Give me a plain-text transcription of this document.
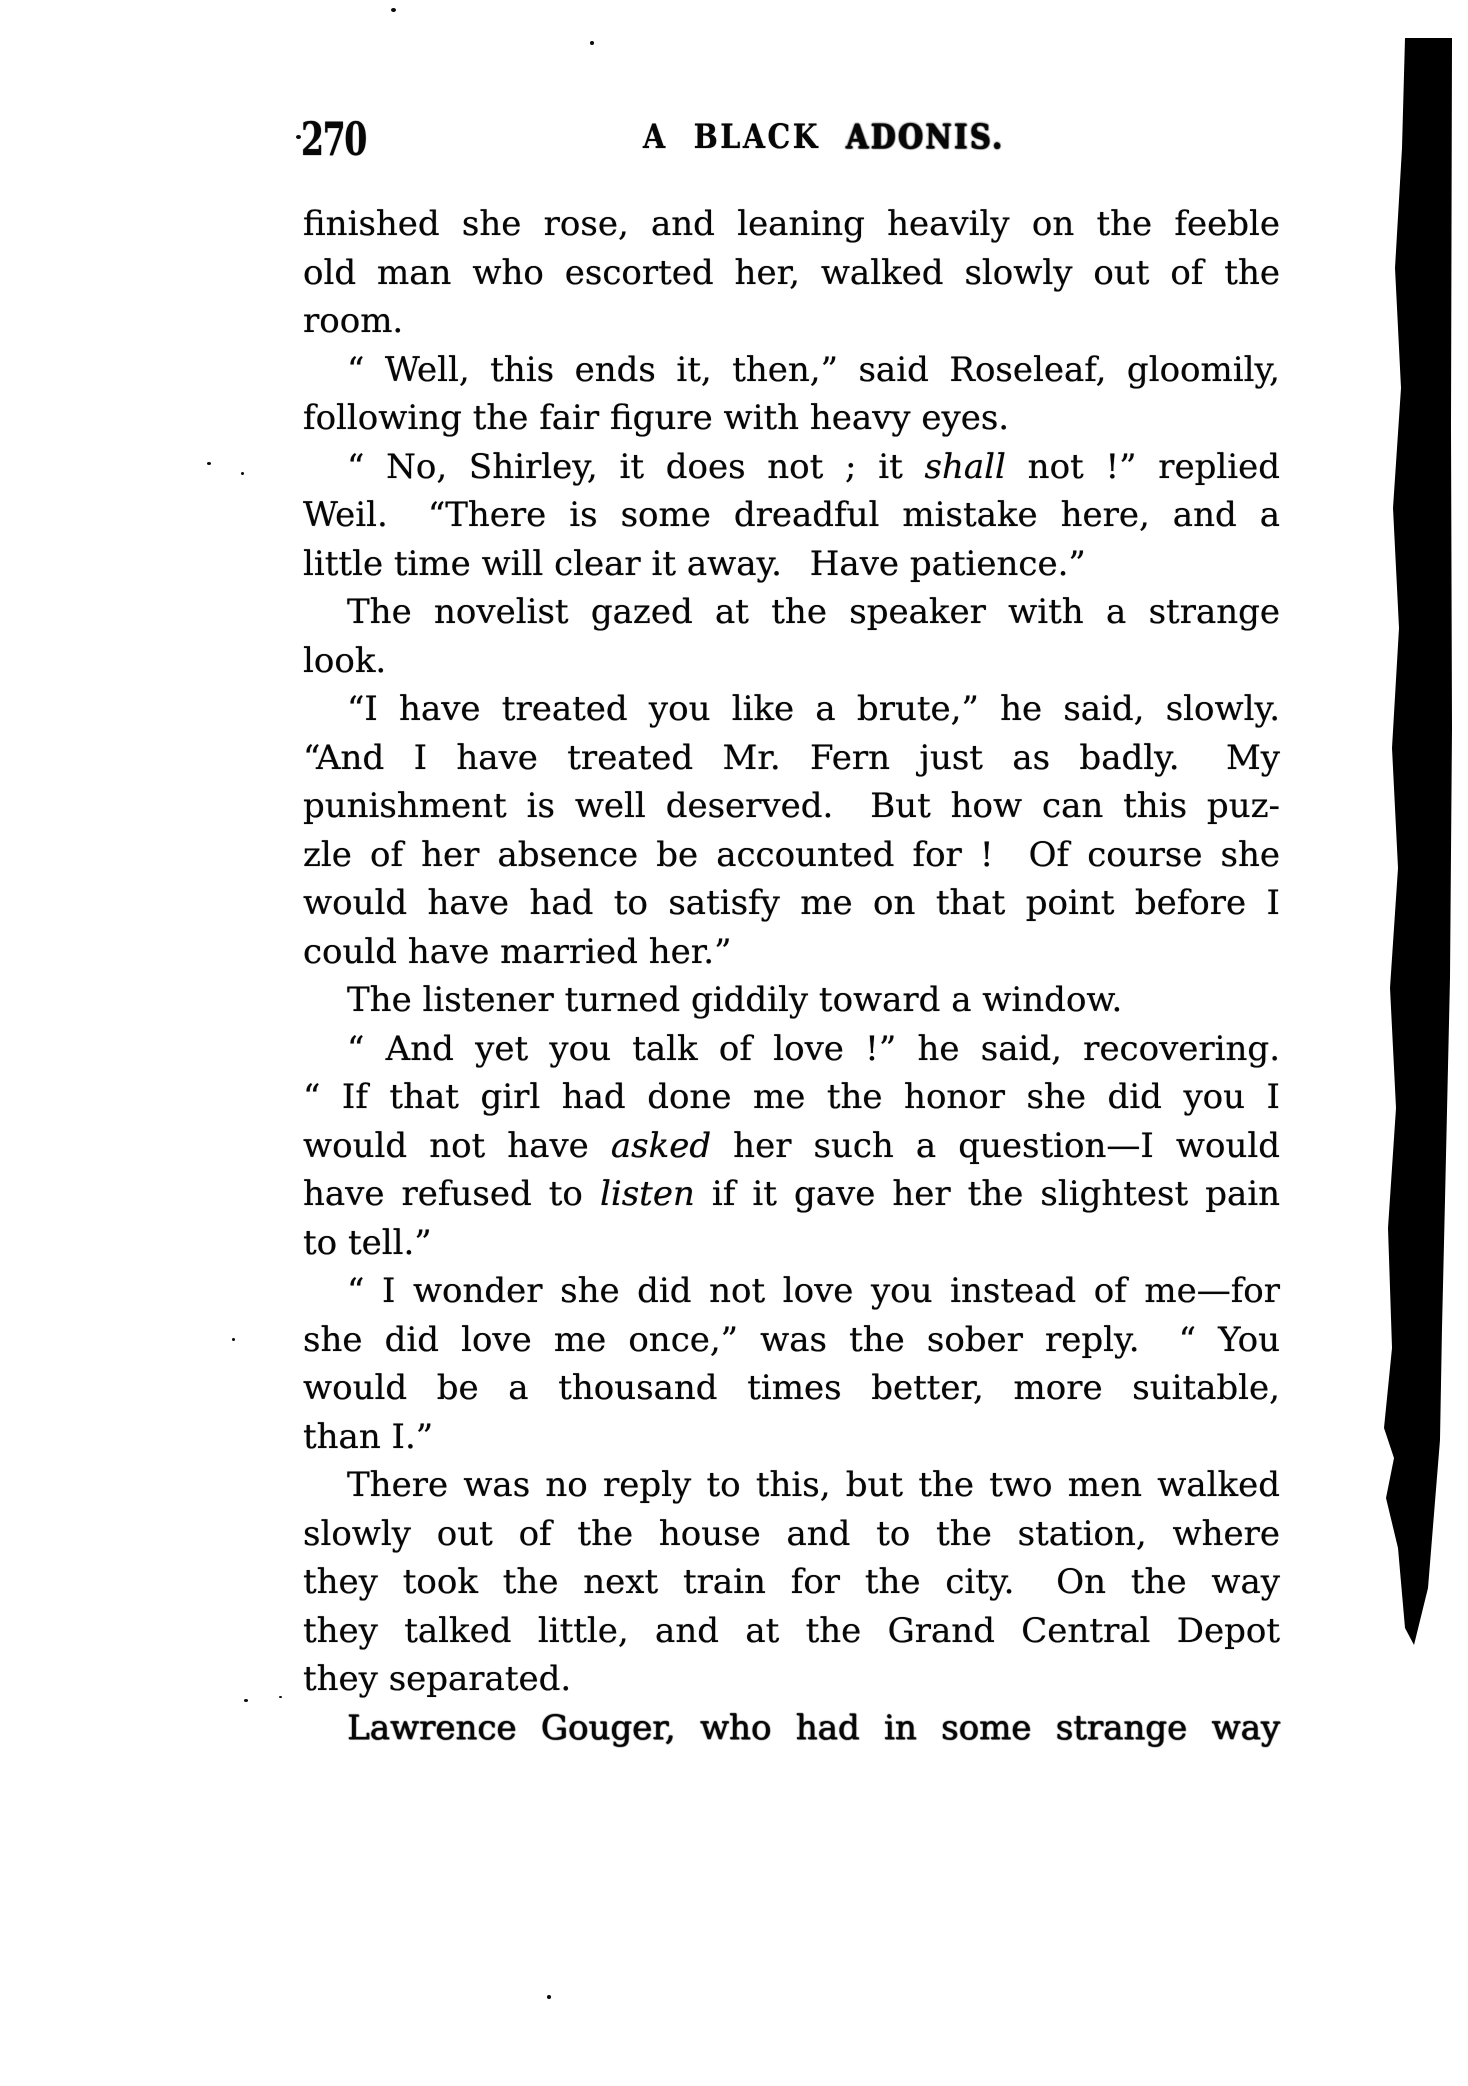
270	A BLACK ADONIS.
finished she rose, and leaning heavily on the feeble
old man who escorted her, walked slowly out of the
room.
“ Well, this ends it, then,” said Roseleaf, gloomily,
following the fair figure with heavy eyes.
“ No, Shirley, it does not ; it shall not !” replied
Weil.  “There is some dreadful mistake here, and a
little time will clear it away.  Have patience.”
The novelist gazed at the speaker with a strange
look.
“I have treated you like a brute,” he said, slowly.
“And I have treated Mr. Fern just as badly.  My
punishment is well deserved.  But how can this puz-
zle of her absence be accounted for !  Of course she
would have had to satisfy me on that point before I
could have married her.”
The listener turned giddily toward a window.
“ And yet you talk of love !” he said, recovering.
“ If that girl had done me the honor she did you I
would not have asked her such a question—I would
have refused to listen if it gave her the slightest pain
to tell.”
“ I wonder she did not love you instead of me—for
she did love me once,” was the sober reply.  “ You
would be a thousand times better, more suitable,
than I.”
There was no reply to this, but the two men walked
slowly out of the house and to the station, where
they took the next train for the city.  On the way
they talked little, and at the Grand Central Depot
they separated.
Lawrence Gouger, who had in some strange way
